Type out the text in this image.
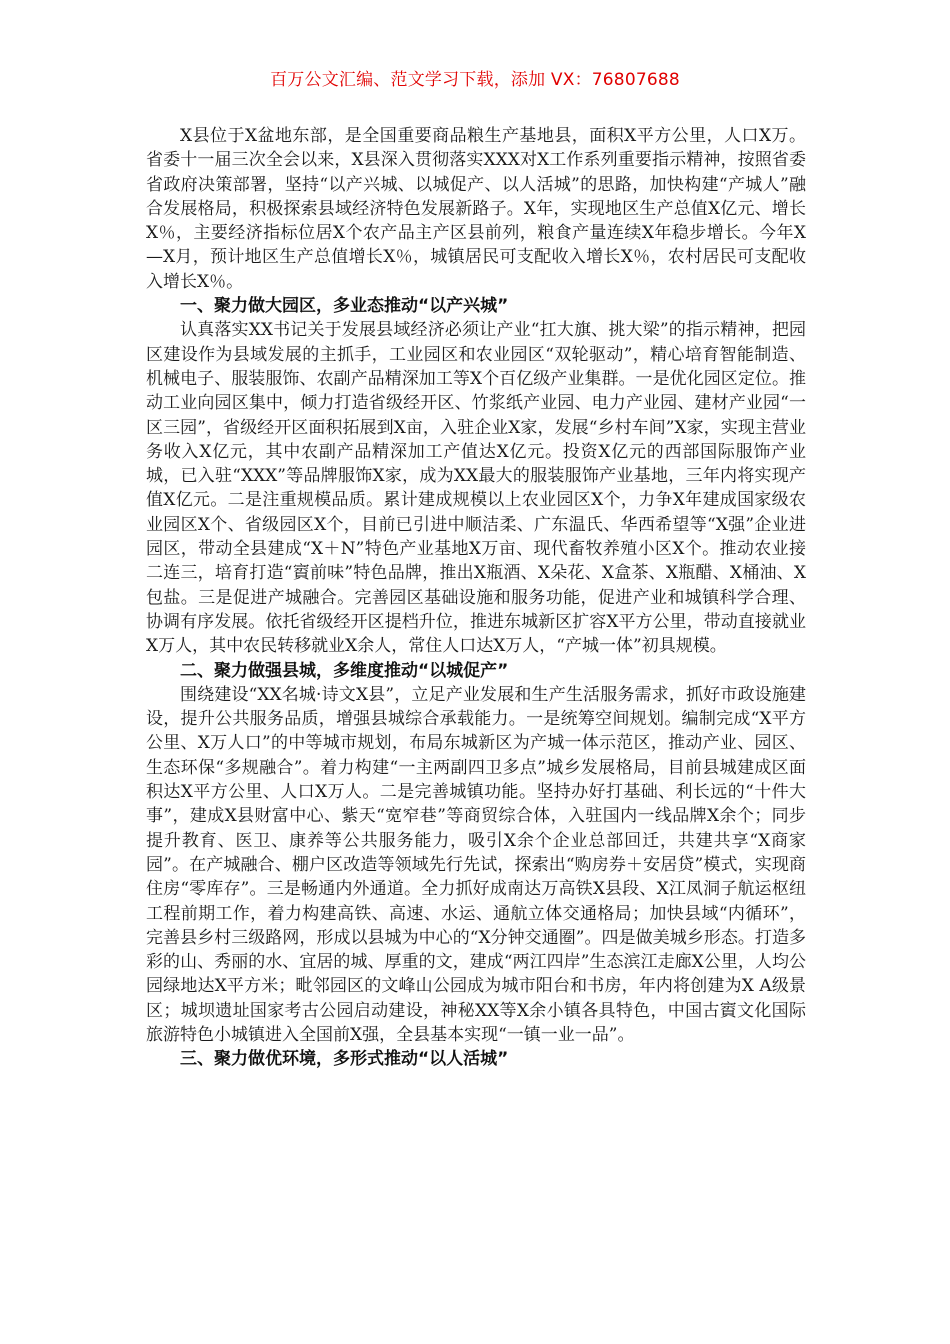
百万公文汇编、范文学习下载，添加 VX：76807688

X县位于X盆地东部，是全国重要商品粮生产基地县，面积X平方公里，人口X万。省委十一届三次全会以来，X县深入贯彻落实XXX对X工作系列重要指示精神，按照省委省政府决策部署，坚持“以产兴城、以城促产、以人活城”的思路，加快构建“产城人”融合发展格局，积极探索县域经济特色发展新路子。X年，实现地区生产总值X亿元、增长X％，主要经济指标位居X个农产品主产区县前列，粮食产量连续X年稳步增长。今年X—X月，预计地区生产总值增长X％，城镇居民可支配收入增长X％，农村居民可支配收入增长X％。

一、聚力做大园区，多业态推动“以产兴城”

认真落实XX书记关于发展县域经济必须让产业“扛大旗、挑大梁”的指示精神，把园区建设作为县域发展的主抓手，工业园区和农业园区“双轮驱动”，精心培育智能制造、机械电子、服装服饰、农副产品精深加工等X个百亿级产业集群。一是优化园区定位。推动工业向园区集中，倾力打造省级经开区、竹浆纸产业园、电力产业园、建材产业园“一区三园”，省级经开区面积拓展到X亩，入驻企业X家，发展“乡村车间”X家，实现主营业务收入X亿元，其中农副产品精深加工产值达X亿元。投资X亿元的西部国际服饰产业城，已入驻“XXX”等品牌服饰X家，成为XX最大的服装服饰产业基地，三年内将实现产值X亿元。二是注重规模品质。累计建成规模以上农业园区X个，力争X年建成国家级农业园区X个、省级园区X个，目前已引进中顺洁柔、广东温氏、华西希望等“X强”企业进园区，带动全县建成“X＋N”特色产业基地X万亩、现代畜牧养殖小区X个。推动农业接二连三，培育打造“賨前味”特色品牌，推出X瓶酒、X朵花、X盒茶、X瓶醋、X桶油、X包盐。三是促进产城融合。完善园区基础设施和服务功能，促进产业和城镇科学合理、协调有序发展。依托省级经开区提档升位，推进东城新区扩容X平方公里，带动直接就业X万人，其中农民转移就业X余人，常住人口达X万人，“产城一体”初具规模。

二、聚力做强县城，多维度推动“以城促产”

围绕建设“XX名城·诗文X县”，立足产业发展和生产生活服务需求，抓好市政设施建设，提升公共服务品质，增强县城综合承载能力。一是统筹空间规划。编制完成“X平方公里、X万人口”的中等城市规划，布局东城新区为产城一体示范区，推动产业、园区、生态环保“多规融合”。着力构建“一主两副四卫多点”城乡发展格局，目前县城建成区面积达X平方公里、人口X万人。二是完善城镇功能。坚持办好打基础、利长远的“十件大事”，建成X县财富中心、紫天“宽窄巷”等商贸综合体，入驻国内一线品牌X余个；同步提升教育、医卫、康养等公共服务能力，吸引X余个企业总部回迁，共建共享“X商家园”。在产城融合、棚户区改造等领域先行先试，探索出“购房券＋安居贷”模式，实现商住房“零库存”。三是畅通内外通道。全力抓好成南达万高铁X县段、X江凤洞子航运枢纽工程前期工作，着力构建高铁、高速、水运、通航立体交通格局；加快县域“内循环”，完善县乡村三级路网，形成以县城为中心的“X分钟交通圈”。四是做美城乡形态。打造多彩的山、秀丽的水、宜居的城、厚重的文，建成“两江四岸”生态滨江走廊X公里，人均公园绿地达X平方米；毗邻园区的文峰山公园成为城市阳台和书房，年内将创建为X A级景区；城坝遗址国家考古公园启动建设，神秘XX等X余小镇各具特色，中国古賨文化国际旅游特色小城镇进入全国前X强，全县基本实现“一镇一业一品”。

三、聚力做优环境，多形式推动“以人活城”
